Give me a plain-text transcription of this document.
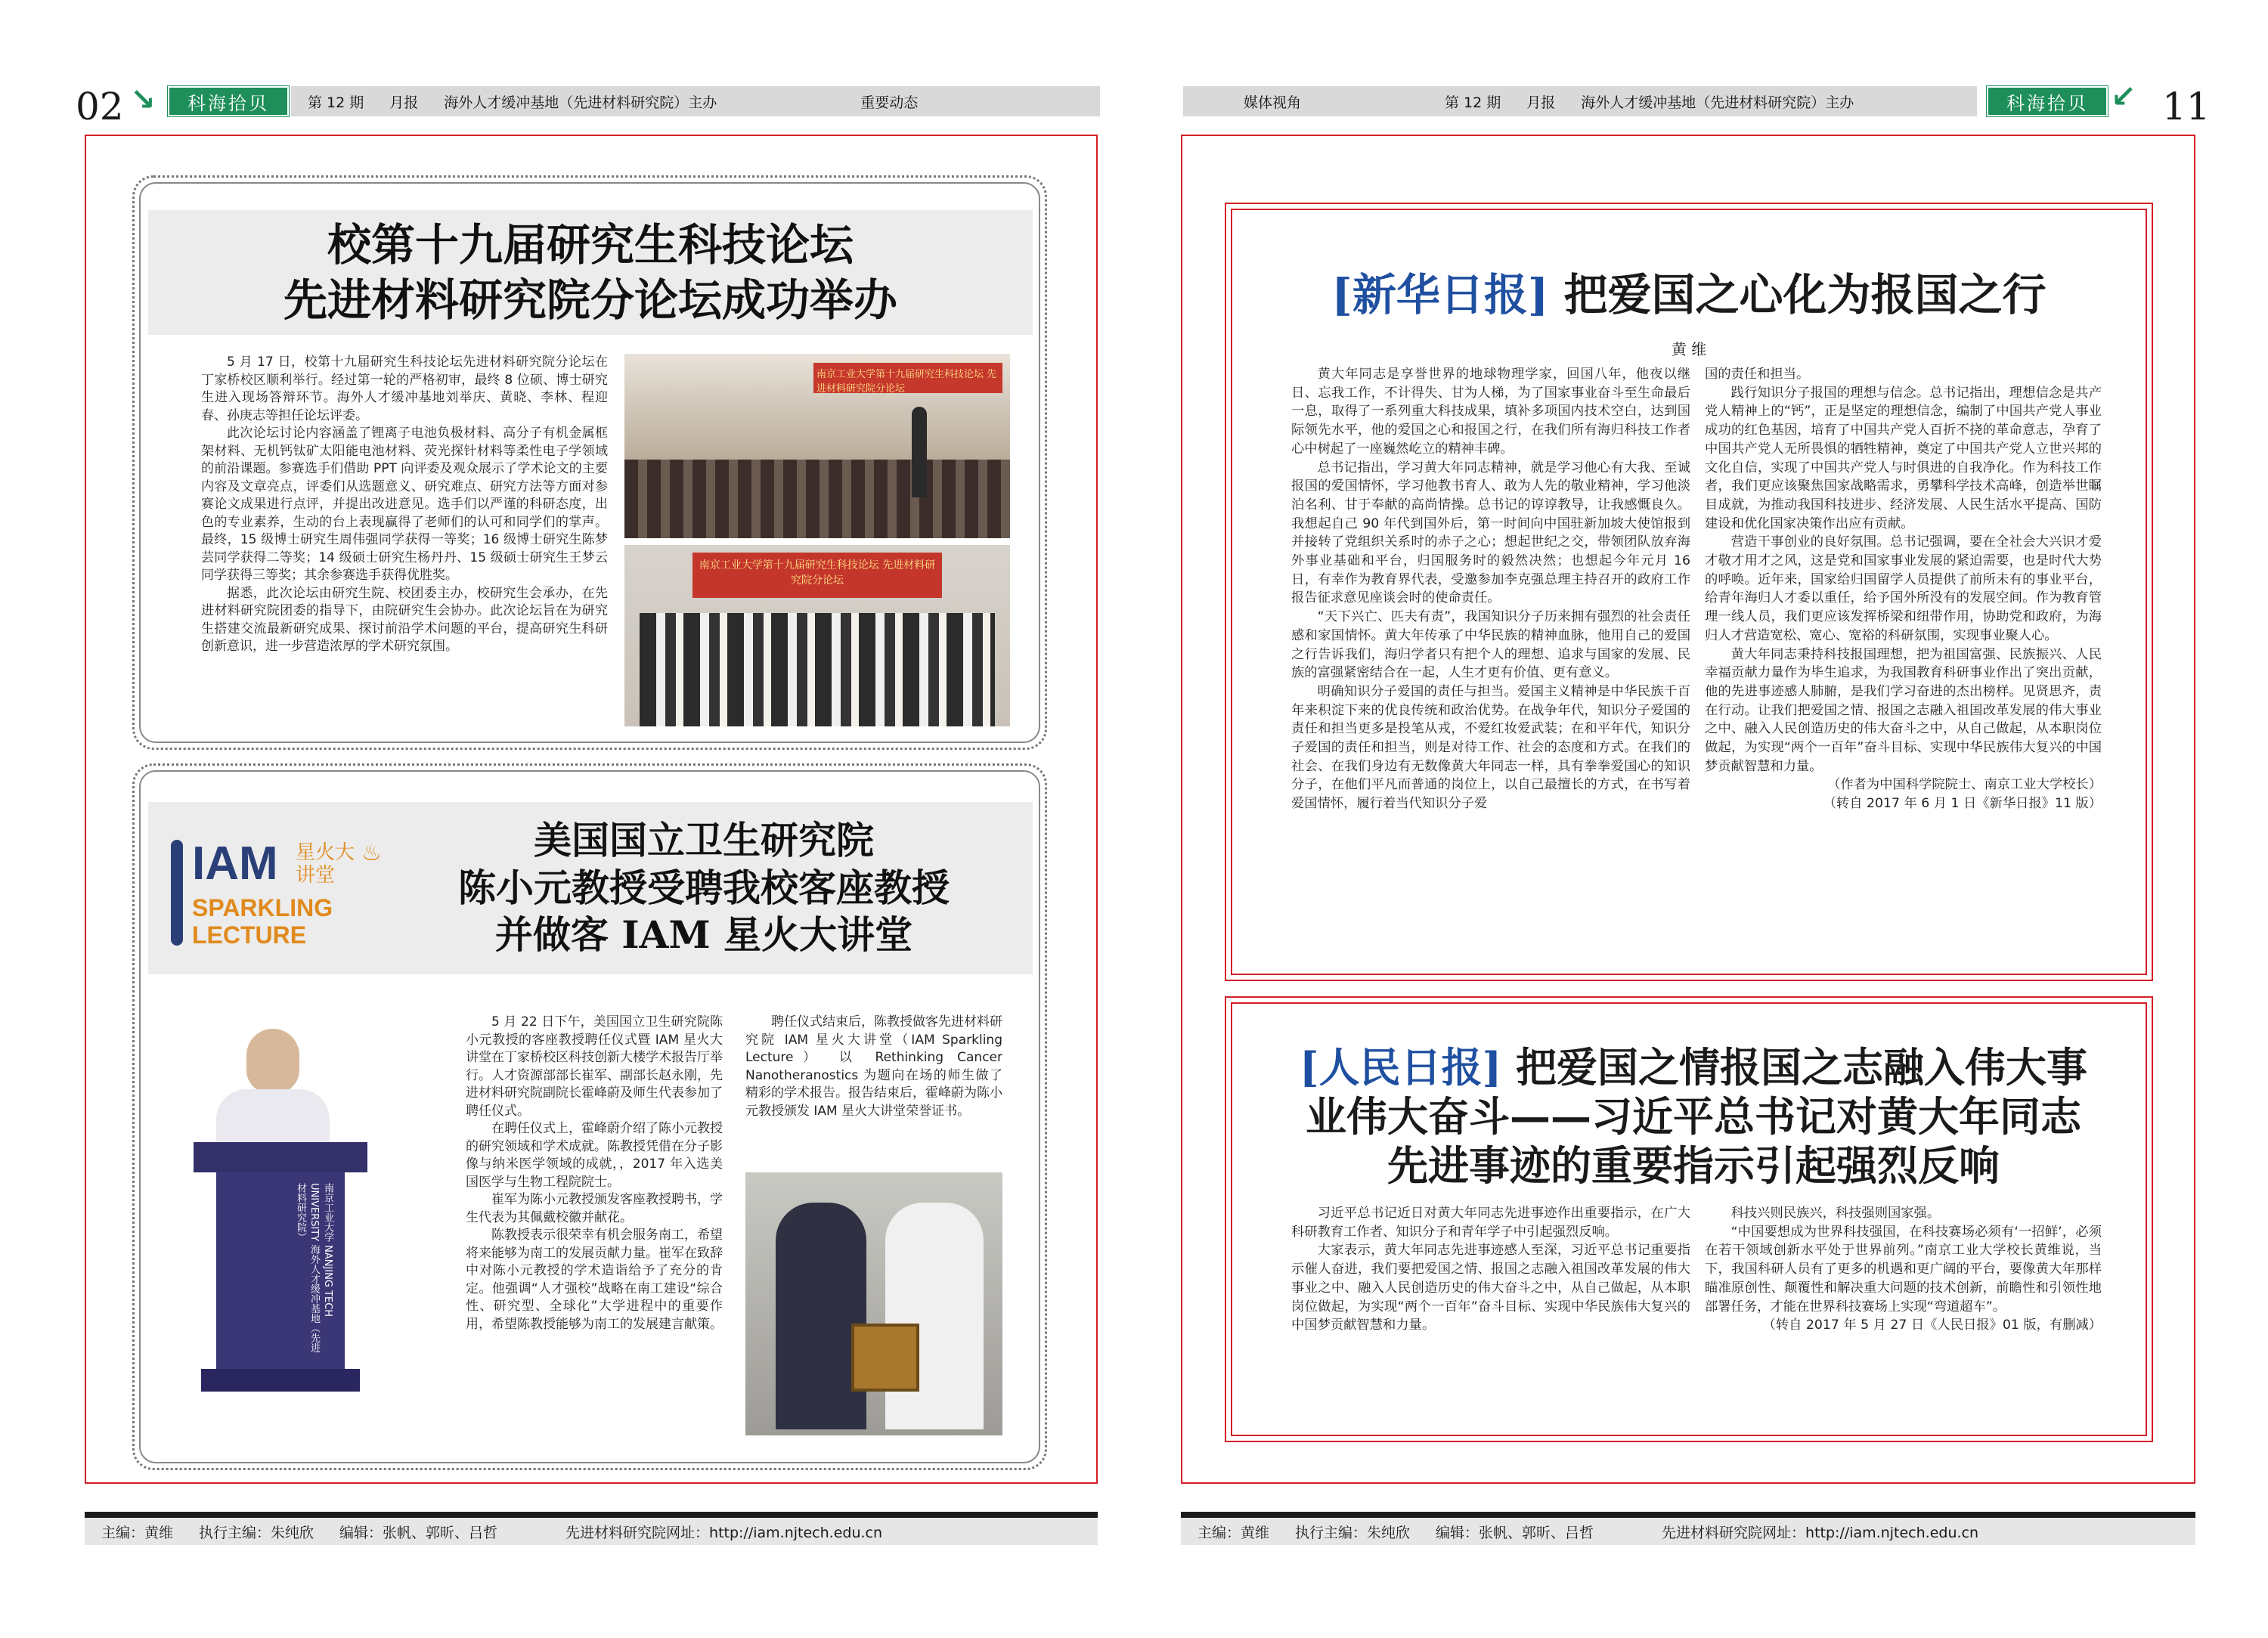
02 ↘	科海拾贝	第 12 期 月报 海外人才缓冲基地（先进材料研究院）主办	重要动态
校第十九届研究生科技论坛
先进材料研究院分论坛成功举办

5 月 17 日，校第十九届研究生科技论坛先进材料研究院分论坛在丁家桥校区顺利举行。经过第一轮的严格初审，最终 8 位硕、博士研究生进入现场答辩环节。海外人才缓冲基地刘举庆、黄晓、李林、程迎春、孙庚志等担任论坛评委。

此次论坛讨论内容涵盖了锂离子电池负极材料、高分子有机金属框架材料、无机钙钛矿太阳能电池材料、荧光探针材料等柔性电子学领域的前沿课题。参赛选手们借助 PPT 向评委及观众展示了学术论文的主要内容及文章亮点，评委们从选题意义、研究难点、研究方法等方面对参赛论文成果进行点评，并提出改进意见。选手们以严谨的科研态度，出色的专业素养，生动的台上表现赢得了老师们的认可和同学们的掌声。最终，15 级博士研究生周伟强同学获得一等奖；16 级博士研究生陈梦芸同学获得二等奖；14 级硕士研究生杨丹丹、15 级硕士研究生王梦云同学获得三等奖；其余参赛选手获得优胜奖。

据悉，此次论坛由研究生院、校团委主办，校研究生会承办，在先进材料研究院团委的指导下，由院研究生会协办。此次论坛旨在为研究生搭建交流最新研究成果、探讨前沿学术问题的平台，提高研究生科研创新意识，进一步营造浓厚的学术研究氛围。

南京工业大学第十九届研究生科技论坛 先进材料研究院分论坛
南京工业大学第十九届研究生科技论坛 先进材料研究院分论坛
美国国立卫生研究院
陈小元教授受聘我校客座教授
并做客 IAM 星火大讲堂
IAM 星火大讲堂
♨
SPARKLING
LECTURE
南京工业大学 NANJING TECH UNIVERSITY 海外人才缓冲基地（先进材料研究院）

5 月 22 日下午，美国国立卫生研究院陈小元教授的客座教授聘任仪式暨 IAM 星火大讲堂在丁家桥校区科技创新大楼学术报告厅举行。人才资源部部长崔军、副部长赵永刚，先进材料研究院副院长霍峰蔚及师生代表参加了聘任仪式。

在聘任仪式上，霍峰蔚介绍了陈小元教授的研究领域和学术成就。陈教授凭借在分子影像与纳米医学领域的成就，，2017 年入选美国医学与生物工程院院士。

崔军为陈小元教授颁发客座教授聘书，学生代表为其佩戴校徽并献花。

陈教授表示很荣幸有机会服务南工，希望将来能够为南工的发展贡献力量。崔军在致辞中对陈小元教授的学术造诣给予了充分的肯定。他强调“人才强校”战略在南工建设“综合性、研究型、全球化”大学进程中的重要作用，希望陈教授能够为南工的发展建言献策。

聘任仪式结束后，陈教授做客先进材料研究院 IAM 星火大讲堂（IAM Sparkling Lecture） 以 Rethinking Cancer Nanotheranostics 为题向在场的师生做了精彩的学术报告。报告结束后，霍峰蔚为陈小元教授颁发 IAM 星火大讲堂荣誉证书。

主编：黄维 执行主编：朱纯欣 编辑：张帆、郭昕、吕哲	先进材料研究院网址：http://iam.njtech.edu.cn
媒体视角	第 12 期 月报 海外人才缓冲基地（先进材料研究院）主办	科海拾贝 ↙ 11
[新华日报] 把爱国之心化为报国之行
黄 维

黄大年同志是享誉世界的地球物理学家，回国八年，他夜以继日、忘我工作，不计得失、甘为人梯，为了国家事业奋斗至生命最后一息，取得了一系列重大科技成果，填补多项国内技术空白，达到国际领先水平，他的爱国之心和报国之行，在我们所有海归科技工作者心中树起了一座巍然屹立的精神丰碑。

总书记指出，学习黄大年同志精神，就是学习他心有大我、至诚报国的爱国情怀，学习他教书育人、敢为人先的敬业精神，学习他淡泊名利、甘于奉献的高尚情操。总书记的谆谆教导，让我感慨良久。我想起自己 90 年代到国外后，第一时间向中国驻新加坡大使馆报到并接转了党组织关系时的赤子之心；想起世纪之交，带领团队放弃海外事业基础和平台，归国服务时的毅然决然；也想起今年元月 16 日，有幸作为教育界代表，受邀参加李克强总理主持召开的政府工作报告征求意见座谈会时的使命责任。

“天下兴亡、匹夫有责”，我国知识分子历来拥有强烈的社会责任感和家国情怀。黄大年传承了中华民族的精神血脉，他用自己的爱国之行告诉我们，海归学者只有把个人的理想、追求与国家的发展、民族的富强紧密结合在一起，人生才更有价值、更有意义。

明确知识分子爱国的责任与担当。爱国主义精神是中华民族千百年来积淀下来的优良传统和政治优势。在战争年代，知识分子爱国的责任和担当更多是投笔从戎，不爱红妆爱武装；在和平年代，知识分子爱国的责任和担当，则是对待工作、社会的态度和方式。在我们的社会、在我们身边有无数像黄大年同志一样，具有拳拳爱国心的知识分子，在他们平凡而普通的岗位上，以自己最擅长的方式，在书写着爱国情怀，履行着当代知识分子爱

国的责任和担当。

践行知识分子报国的理想与信念。总书记指出，理想信念是共产党人精神上的“钙”，正是坚定的理想信念，编制了中国共产党人事业成功的红色基因，培育了中国共产党人百折不挠的革命意志，孕育了中国共产党人无所畏惧的牺牲精神，奠定了中国共产党人立世兴邦的文化自信，实现了中国共产党人与时俱进的自我净化。作为科技工作者，我们更应该聚焦国家战略需求，勇攀科学技术高峰，创造举世瞩目成就，为推动我国科技进步、经济发展、人民生活水平提高、国防建设和优化国家决策作出应有贡献。

营造干事创业的良好氛围。总书记强调，要在全社会大兴识才爱才敬才用才之风，这是党和国家事业发展的紧迫需要，也是时代大势的呼唤。近年来，国家给归国留学人员提供了前所未有的事业平台，给青年海归人才委以重任，给予国外所没有的发展空间。作为教育管理一线人员，我们更应该发挥桥梁和纽带作用，协助党和政府，为海归人才营造宽松、宽心、宽裕的科研氛围，实现事业聚人心。

黄大年同志秉持科技报国理想，把为祖国富强、民族振兴、人民幸福贡献力量作为毕生追求，为我国教育科研事业作出了突出贡献，他的先进事迹感人肺腑，是我们学习奋进的杰出榜样。见贤思齐，责在行动。让我们把爱国之情、报国之志融入祖国改革发展的伟大事业之中、融入人民创造历史的伟大奋斗之中，从自己做起，从本职岗位做起，为实现“两个一百年”奋斗目标、实现中华民族伟大复兴的中国梦贡献智慧和力量。

（作者为中国科学院院士、南京工业大学校长）

（转自 2017 年 6 月 1 日《新华日报》11 版）

[人民日报] 把爱国之情报国之志融入伟大事
业伟大奋斗——习近平总书记对黄大年同志
先进事迹的重要指示引起强烈反响

习近平总书记近日对黄大年同志先进事迹作出重要指示，在广大科研教育工作者、知识分子和青年学子中引起强烈反响。

大家表示，黄大年同志先进事迹感人至深，习近平总书记重要指示催人奋进，我们要把爱国之情、报国之志融入祖国改革发展的伟大事业之中、融入人民创造历史的伟大奋斗之中，从自己做起，从本职岗位做起，为实现“两个一百年”奋斗目标、实现中华民族伟大复兴的中国梦贡献智慧和力量。

科技兴则民族兴，科技强则国家强。

“中国要想成为世界科技强国，在科技赛场必须有‘一招鲜’，必须在若干领域创新水平处于世界前列。”南京工业大学校长黄维说，当下，我国科研人员有了更多的机遇和更广阔的平台，要像黄大年那样瞄准原创性、颠覆性和解决重大问题的技术创新，前瞻性和引领性地部署任务，才能在世界科技赛场上实现“弯道超车”。

（转自 2017 年 5 月 27 日《人民日报》01 版，有删减）

主编：黄维 执行主编：朱纯欣 编辑：张帆、郭昕、吕哲	先进材料研究院网址：http://iam.njtech.edu.cn
